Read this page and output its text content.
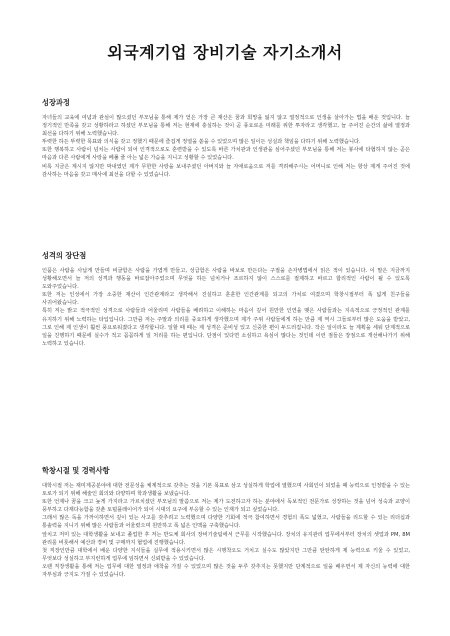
외국계기업 장비기술 자기소개서
성장과정

자녀들의 교육에 여념과 관심이 많으셨던 부모님을 통해 제가 얻은 가장 큰 재산은 꿈과 희망을 잃지 않고 열정적으로 인생을 살아가는 법을 배운 것입니다. 늘 정기적인 만족을 갖고 성황하라고 하셨던 부모님을 통해 저는 현재에 충실하는 것이 곧 풍요로운 미래를 위한 투자라고 생각했고, 늘 주어진 순간의 삶에 열정과 최선을 다하기 위해 노력했습니다.

뚜렷한 하든 뚜렷한 목표와 의식을 갖고 정했기 때문에 즐겁게 정열을 쏟을 수 있었으며 많은 일이든 성실과 책임을 다하기 위해 노력했습니다.

또한 행복하고 사람이 넘치는 사람이 되어 인격적으로도 훈련받을 수 있도록 바른 가치관과 인생관을 심어주셨던 부모님을 통해 저는 봉사에 타협하지 않는 곧은 마음과 다른 사람에게 사랑을 베풀 줄 아는 넓은 가슴을 지니고 성황할 수 있었습니다.

비록 지금은 계시지 않지만 막내였던 제가 무한한 사랑을 보내주셨던 아버지와 늘 자애로움으로 저를 격려해주시는 어머니로 인해 저는 항상 제게 주어진 것에 감사하는 마음을 갖고 매사에 최선을 다할 수 있었습니다.

성격의 장단점

인품은 사람을 사납게 만들며 비굴함은 사람을 가엽게 만들고, 성급함은 사람을 바보로 만든다는 구절을 손자병법에서 읽은 적이 있습니다. 이 말은 지금까지 성황해오면서 늘 저의 성격과 행동을 바로잡아주었으며 무엇을 하든 넘치거나 조르하지 않이 스스로를 절제하고 바르고 합리적인 사람이 될 수 있도록 도와주었습니다.

또한 저는 인성에서 가장 소중한 재산이 인간관계라고 생각해서 진실하고 훈훈한 인간관계를 되고의 가치로 여겼으며 학창시절부터 폭 넓게 친구들을 사귀어왔습니다.

특히 저는 밝고 적극적인 성격으로 사람들과 어울리며 사람들을 배려하고 이해하는 마음이 깊어 원만한 인연을 맺은 사람들과는 지속적으로 긍정적인 관계를 유지하기 위해 노력하는 타입입니다. 그만큼 저는 주말과 의리를 중요하게 생각했으며 제가 주위 사람들에게 하는 만큼 제 역시 그들로부터 많은 도움을 받았고, 그로 인해 제 인생이 훨씬 풍요로워졌다고 생각합니다. 일할 때 때는 제 성격은 준비성 있고 신중한 편이 두드러집니다. 작은 일이라도 늘 계획을 세워 단계적으로 일을 진행하기 때문에 실수가 적고 꼼꼼하게 일 처리를 하는 편입니다. 단점이 있다면 소심하고 욕심이 많다는 것인데 이런 점들은 장점으로 개선해나가기 위해 노력하고 있습니다.

학창시절 및 경력사항

대학시절 저는 재미계공분야에 대한 전문성을 체계적으로 갖추는 것을 기본 목표로 삼고 성실하게 학업에 열했으며 사회인이 되었을 때 능력으로 인정받을 수 있는 토로가 되기 위해 해술인 회의와 다양하며 학과생활을 보냈습니다.

또한 언제나 꿈을 크고 높게 가지라고 가르치셨던 부모님의 말씀으로 저는 제가 도전하고자 하는 분야에서 독보적인 전문가로 성장하는 것을 넘어 성숙과 교양이 풍부하고 다재다능함을 갖춘 토털플레이어가 되어 시대의 요구에 부응할 수 있는 인재가 되고 싶었습니다.

그래서 많은 독을 가까이하면서 깊이 있는 사고를 갖추려고 노력했으며 다양한 기회에 적극 참여하면서 경험의 폭도 넓혔고, 사람들을 리드할 수 있는 리더십과 통솔력을 지니기 위해 많은 사람들과 어울렸으며 원만하고 폭 넓은 인맥을 구축했습니다.

앞치고 저미 있는 대학생활을 보내고 졸업한 후 저는 반도체 회사의 장비기술팀에서 근무를 시작했습니다. 장치의 유지관리 업무에서부터 장치의 셋업과 PM, 8M 관리를 비롯해서 예산과 경비 및 구매까지 협업에 진행했습니다.

첫 직장인만큼 대학에서 배운 다양한 지식들을 실무에 적용시키면서 많은 시행착오도 거치고 실수도 많았지만 그만큼 탄탄하게 제 능력으로 키울 수 있었고, 무엇보다 성실하고 부지런하게 업무에 임하면서 신뢰받을 수 있었습니다.

오랜 직장생활을 통해 저는 업무에 대한 열정과 애착을 가질 수 있었으며 많은 것을 두루 갖추지는 못했지만 단계적으로 일을 배우면서 제 자신의 능력에 대한 자부심과 긍지도 가질 수 있었습니다.
